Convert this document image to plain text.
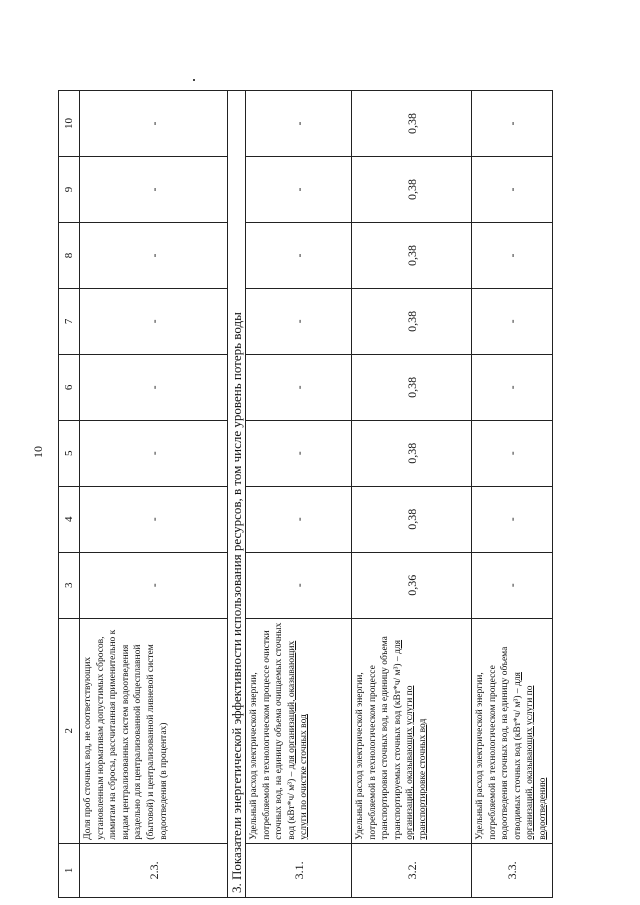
10
1	2	3	4	5	6	7	8	9	10
2.3.	Доля проб сточных вод, не соответствующих установленным нормативам допустимых сбросов, лимитам на сбросы, рассчитанная применительно к видам централизованных систем водоотведения раздельно для централизованной общесплавной (бытовой) и централизованной ливневой систем водоотведения (в процентах)	-	-	-	-	-	-	-	-
3. Показатели энергетической эффективности использования ресурсов, в том числе уровень потерь воды									
3.1.	Удельный расход электрической энергии, потребляемой в технологическом процессе очистки сточных вод, на единицу объема очищаемых сточных вод (кВт*ч/ м³) – для организаций, оказывающих услуги по очистке сточных вод	-	-	-	-	-	-	-	-
3.2.	Удельный расход электрической энергии, потребляемой в технологическом процессе транспортировки сточных вод, на единицу объема транспортируемых сточных вод (кВт*ч/ м³) – для организаций, оказывающих услуги по транспортировке сточных вод	0,36	0,38	0,38	0,38	0,38	0,38	0,38	0,38
3.3.	Удельный расход электрической энергии, потребляемой в технологическом процессе водоотведения сточных вод, на единицу объема отводимых сточных вод (кВт*ч/ м³) – для организаций, оказывающих услуги по водоотведению	-	-	-	-	-	-	-	-
